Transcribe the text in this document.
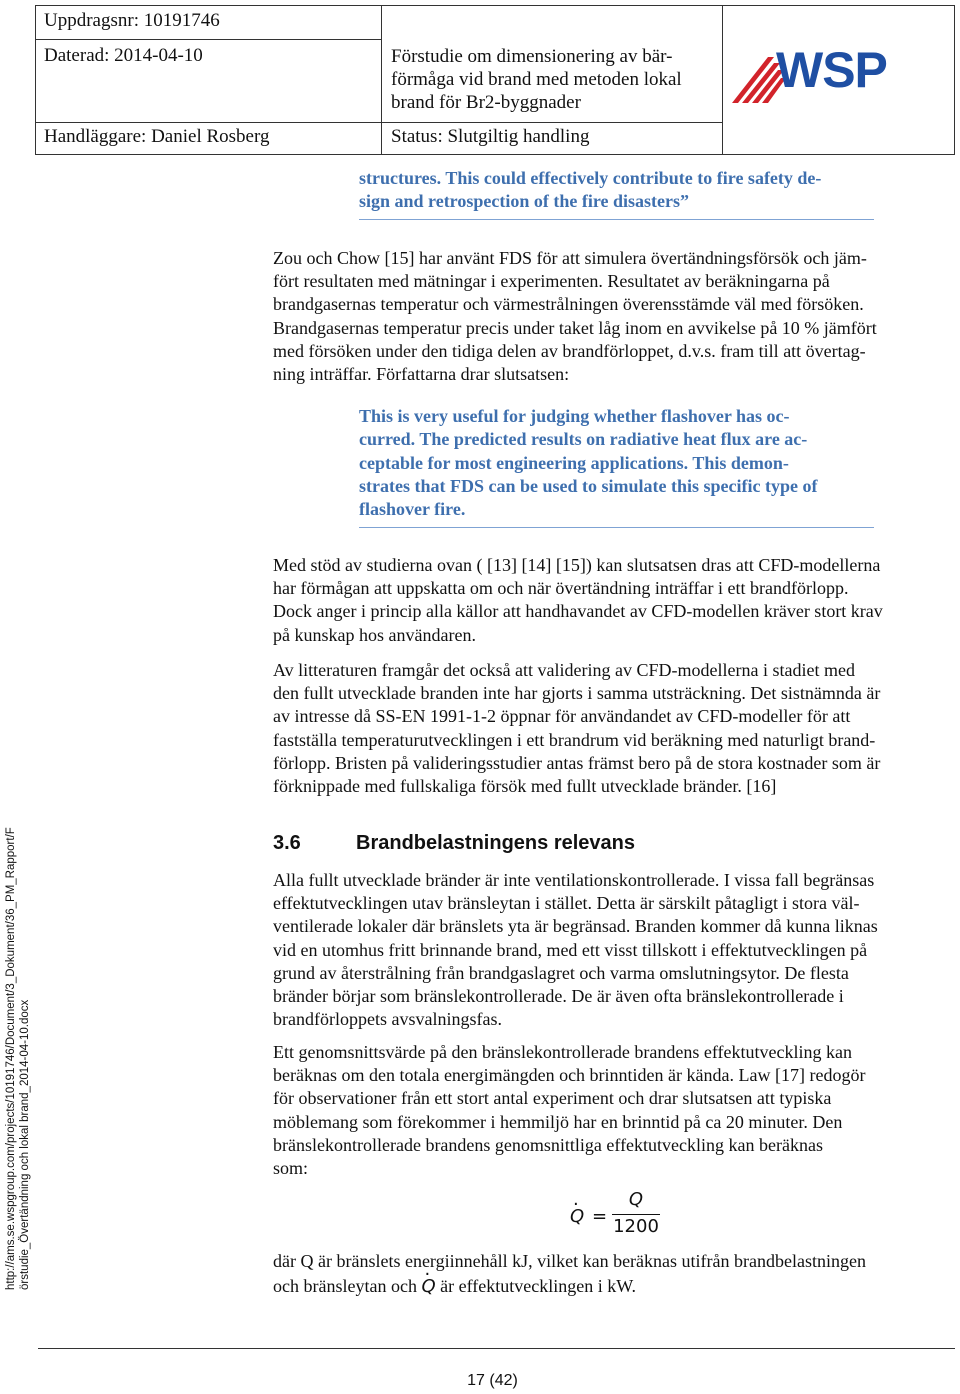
Uppdragsnr: 10191746
Daterad: 2014-04-10
Handläggare: Daniel Rosberg
Förstudie om dimensionering av bär-
förmåga vid brand med metoden lokal
brand för Br2-byggnader
Status: Slutgiltig handling
WSP
structures. This could effectively contribute to fire safety de-
sign and retrospection of the fire disasters”
Zou och Chow [15] har använt FDS för att simulera övertändningsförsök och jäm-
fört resultaten med mätningar i experimenten. Resultatet av beräkningarna på
brandgasernas temperatur och värmestrålningen överensstämde väl med försöken.
Brandgasernas temperatur precis under taket låg inom en avvikelse på 10 % jämfört
med försöken under den tidiga delen av brandförloppet, d.v.s. fram till att övertag-
ning inträffar. Författarna drar slutsatsen:
This is very useful for judging whether flashover has oc-
curred. The predicted results on radiative heat flux are ac-
ceptable for most engineering applications. This demon-
strates that FDS can be used to simulate this specific type of
flashover fire.
Med stöd av studierna ovan ( [13] [14] [15]) kan slutsatsen dras att CFD-modellerna
har förmågan att uppskatta om och när övertändning inträffar i ett brandförlopp.
Dock anger i princip alla källor att handhavandet av CFD-modellen kräver stort krav
på kunskap hos användaren.
Av litteraturen framgår det också att validering av CFD-modellerna i stadiet med
den fullt utvecklade branden inte har gjorts i samma utsträckning. Det sistnämnda är
av intresse då SS-EN 1991-1-2 öppnar för användandet av CFD-modeller för att
fastställa temperaturutvecklingen i ett brandrum vid beräkning med naturligt brand-
förlopp. Bristen på valideringsstudier antas främst bero på de stora kostnader som är
förknippade med fullskaliga försök med fullt utvecklade bränder. [16]
3.6	Brandbelastningens relevans
Alla fullt utvecklade bränder är inte ventilationskontrollerade. I vissa fall begränsas
effektutvecklingen utav bränsleytan i stället. Detta är särskilt påtagligt i stora väl-
ventilerade lokaler där bränslets yta är begränsad. Branden kommer då kunna liknas
vid en utomhus fritt brinnande brand, med ett visst tillskott i effektutvecklingen på
grund av återstrålning från brandgaslagret och varma omslutningsytor. De flesta
bränder börjar som bränslekontrollerade. De är även ofta bränslekontrollerade i
brandförloppets avsvalningsfas.
Ett genomsnittsvärde på den bränslekontrollerade brandens effektutveckling kan
beräknas om den totala energimängden och brinntiden är kända. Law [17] redogör
för observationer från ett stort antal experiment och drar slutsatsen att typiska
möblemang som förekommer i hemmiljö har en brinntid på ca 20 minuter. Den
bränslekontrollerade brandens genomsnittliga effektutveckling kan beräknas
som:
· Q =
Q
1200
där Q är bränslets energiinnehåll kJ, vilket kan beräknas utifrån brandbelastningen
och bränsleytan och · Q är effektutvecklingen i kW.
http://ams.se.wspgroup.com/projects/10191746/Document/3_Dokument/36_PM_Rapport/F örstudie_Övertändning och lokal brand_2014-04-10.docx
17 (42)
